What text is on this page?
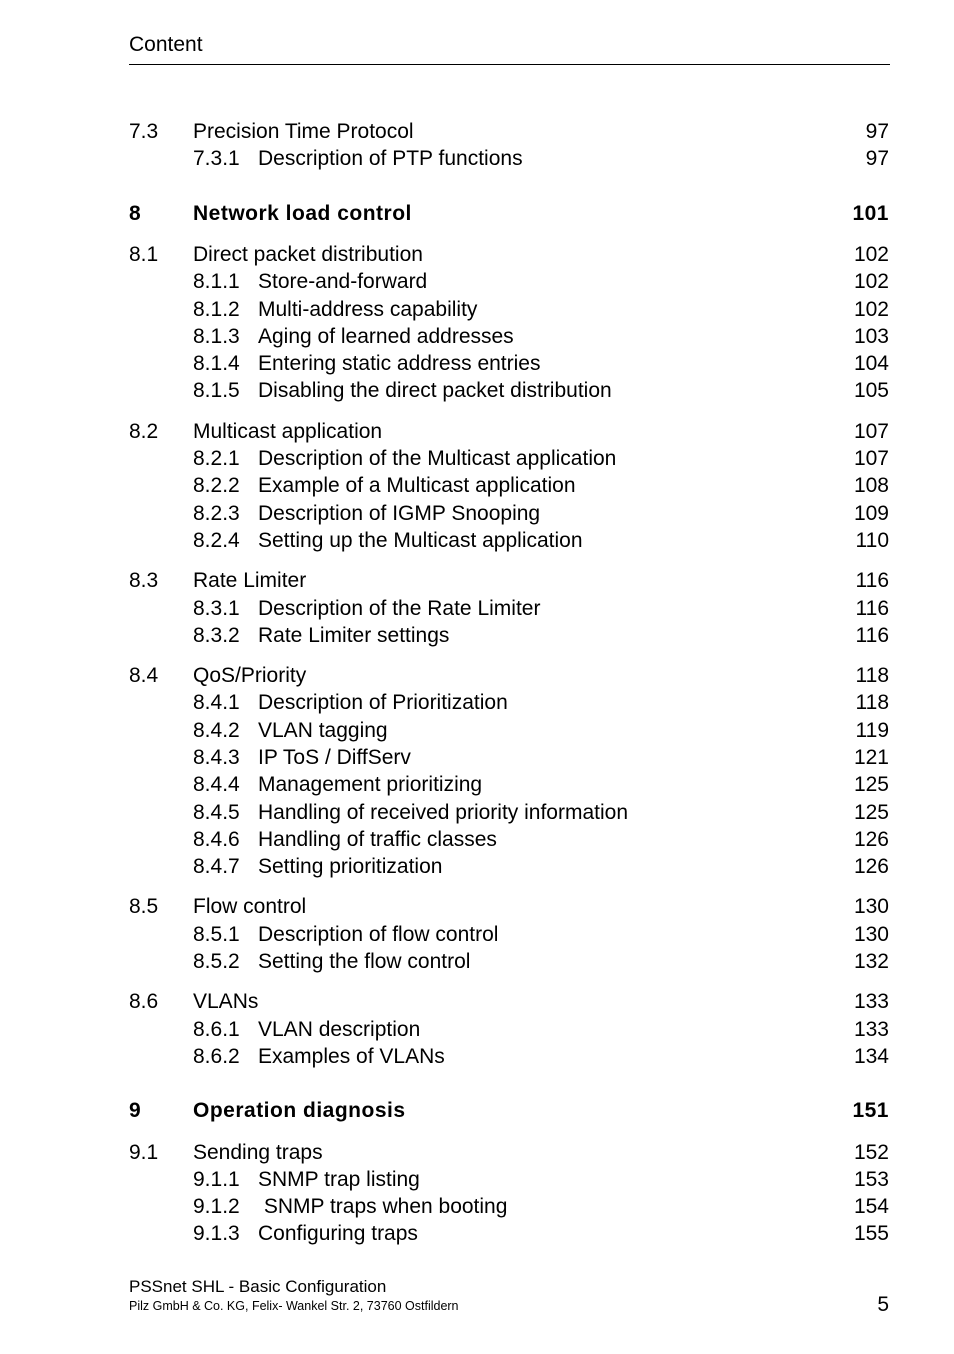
Content
7.3 Precision Time Protocol	97
7.3.1 Description of PTP functions	97
8 Network load control	101
8.1 Direct packet distribution	102
8.1.1 Store-and-forward	102
8.1.2 Multi-address capability	102
8.1.3 Aging of learned addresses	103
8.1.4 Entering static address entries	104
8.1.5 Disabling the direct packet distribution	105
8.2 Multicast application	107
8.2.1 Description of the Multicast application	107
8.2.2 Example of a Multicast application	108
8.2.3 Description of IGMP Snooping	109
8.2.4 Setting up the Multicast application	110
8.3 Rate Limiter	116
8.3.1 Description of the Rate Limiter	116
8.3.2 Rate Limiter settings	116
8.4 QoS/Priority	118
8.4.1 Description of Prioritization	118
8.4.2 VLAN tagging	119
8.4.3 IP ToS / DiffServ	121
8.4.4 Management prioritizing	125
8.4.5 Handling of received priority information	125
8.4.6 Handling of traffic classes	126
8.4.7 Setting prioritization	126
8.5 Flow control	130
8.5.1 Description of flow control	130
8.5.2 Setting the flow control	132
8.6 VLANs	133
8.6.1 VLAN description	133
8.6.2 Examples of VLANs	134
9 Operation diagnosis	151
9.1 Sending traps	152
9.1.1 SNMP trap listing	153
9.1.2 SNMP traps when booting	154
9.1.3 Configuring traps	155
PSSnet SHL - Basic Configuration
Pilz GmbH & Co. KG, Felix- Wankel Str. 2, 73760 Ostfildern	5
